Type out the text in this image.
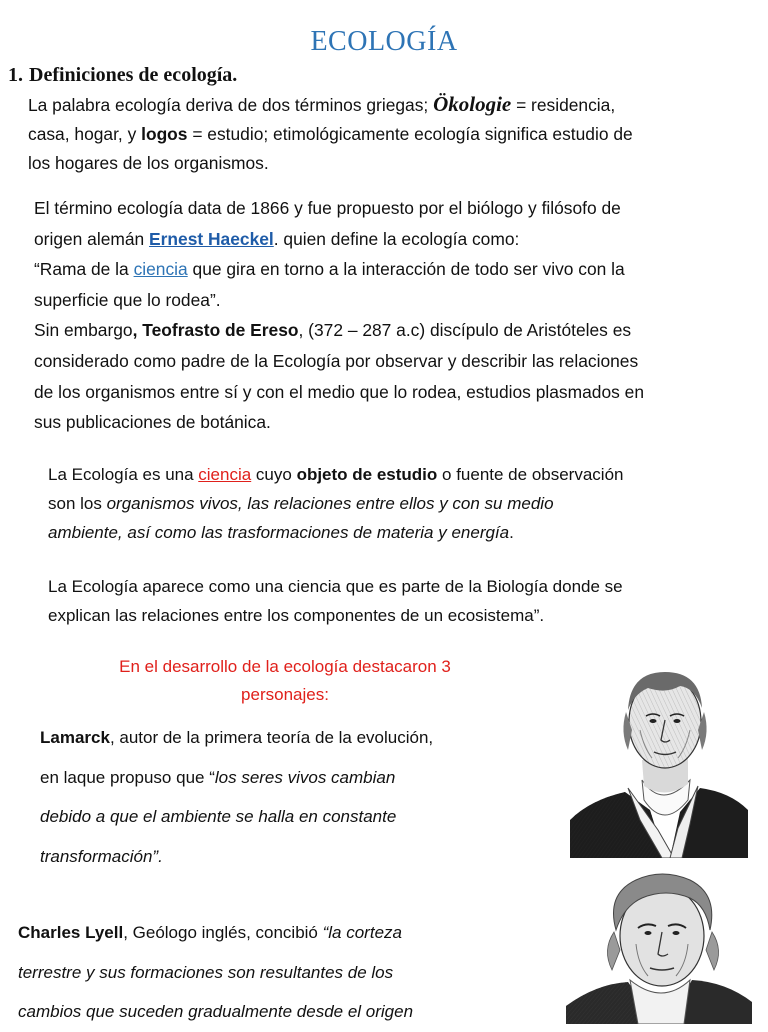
ECOLOGÍA
1. Definiciones de ecología.
La palabra ecología deriva de dos términos griegas; Ökologie = residencia,
casa, hogar, y logos = estudio; etimológicamente ecología significa estudio de
los hogares de los organismos.
El término ecología data de 1866 y fue propuesto por el biólogo y filósofo de
origen alemán Ernest Haeckel. quien define la ecología como:
“Rama de la ciencia que gira en torno a la interacción de todo ser vivo con la
superficie que lo rodea”.
Sin embargo, Teofrasto de Ereso, (372 – 287 a.c) discípulo de Aristóteles es
considerado como padre de la Ecología por observar y describir las relaciones
de los organismos entre sí y con el medio que lo rodea, estudios plasmados en
sus publicaciones de botánica.
La Ecología es una ciencia cuyo objeto de estudio o fuente de observación
son los organismos vivos, las relaciones entre ellos y con su medio
ambiente, así como las trasformaciones de materia y energía.
La Ecología aparece como una ciencia que es parte de la Biología donde se
explican las relaciones entre los componentes de un ecosistema”.
En el desarrollo de la ecología destacaron 3
personajes:
Lamarck, autor de la primera teoría de la evolución,
en laque propuso que “los seres vivos cambian
debido a que el ambiente se halla en constante
transformación”.
Charles Lyell, Geólogo inglés, concibió “la corteza
terrestre y sus formaciones son resultantes de los
cambios que suceden gradualmente desde el origen
